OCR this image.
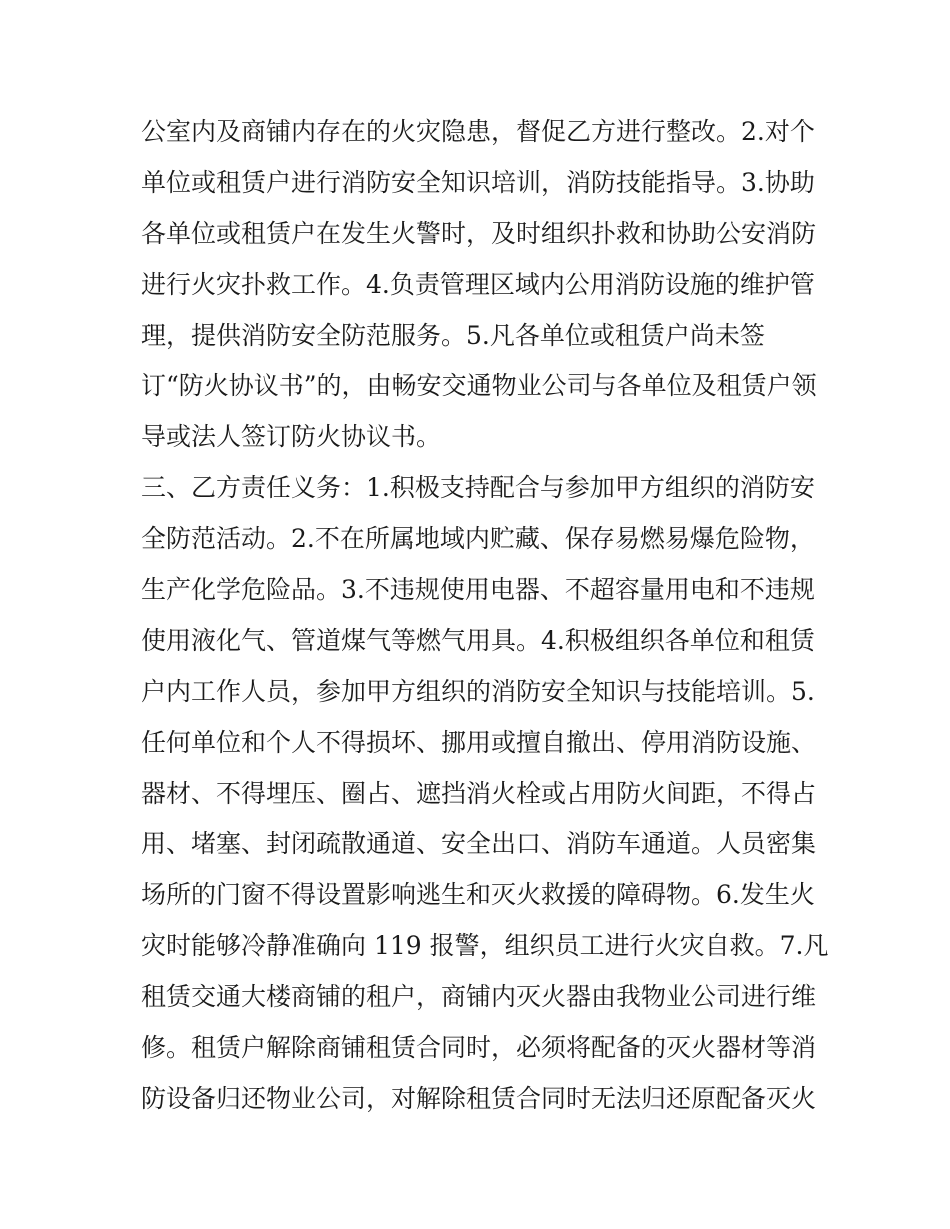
公室内及商铺内存在的火灾隐患，督促乙方进行整改。2.对个
单位或租赁户进行消防安全知识培训，消防技能指导。3.协助
各单位或租赁户在发生火警时，及时组织扑救和协助公安消防
进行火灾扑救工作。4.负责管理区域内公用消防设施的维护管
理，提供消防安全防范服务。5.凡各单位或租赁户尚未签
订“防火协议书”的，由畅安交通物业公司与各单位及租赁户领
导或法人签订防火协议书。
三、乙方责任义务：1.积极支持配合与参加甲方组织的消防安
全防范活动。2.不在所属地域内贮藏、保存易燃易爆危险物，
生产化学危险品。3.不违规使用电器、不超容量用电和不违规
使用液化气、管道煤气等燃气用具。4.积极组织各单位和租赁
户内工作人员，参加甲方组织的消防安全知识与技能培训。5.
任何单位和个人不得损坏、挪用或擅自撤出、停用消防设施、
器材、不得埋压、圈占、遮挡消火栓或占用防火间距，不得占
用、堵塞、封闭疏散通道、安全出口、消防车通道。人员密集
场所的门窗不得设置影响逃生和灭火救援的障碍物。6.发生火
灾时能够冷静准确向 119 报警，组织员工进行火灾自救。7.凡
租赁交通大楼商铺的租户，商铺内灭火器由我物业公司进行维
修。租赁户解除商铺租赁合同时，必须将配备的灭火器材等消
防设备归还物业公司，对解除租赁合同时无法归还原配备灭火
